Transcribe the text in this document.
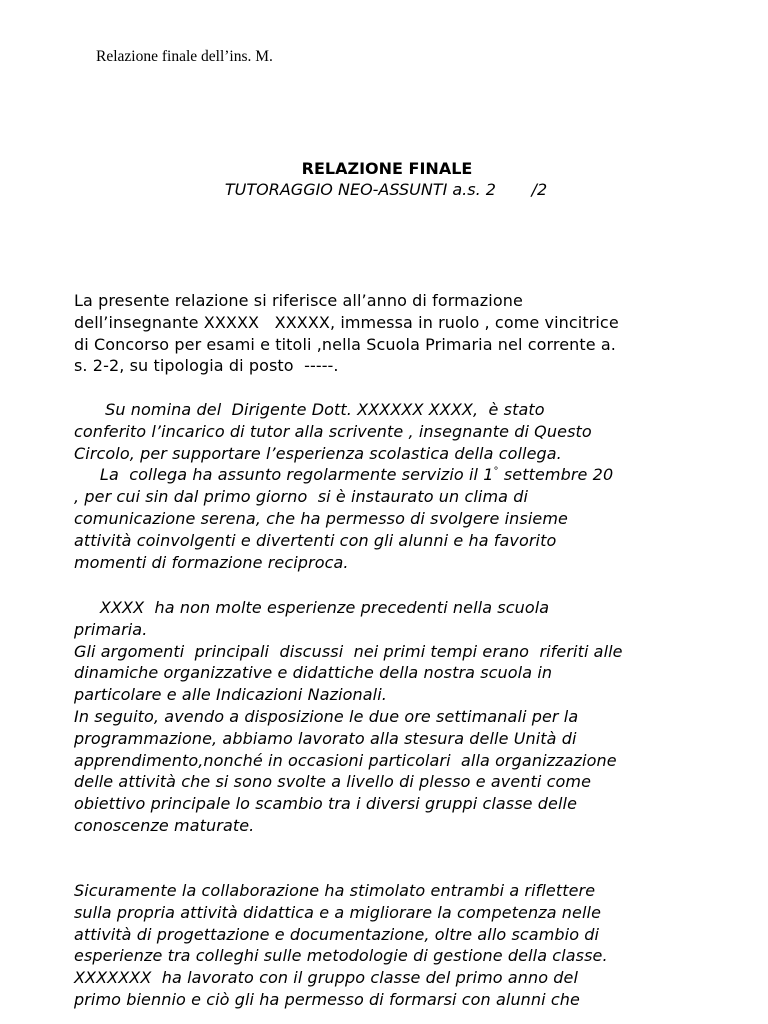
Relazione finale dell’ins. M.
RELAZIONE FINALE
TUTORAGGIO NEO-ASSUNTI a.s. 2       /2
La presente relazione si riferisce all’anno di formazione
dell’insegnante XXXXX   XXXXX, immessa in ruolo , come vincitrice
di Concorso per esami e titoli ,nella Scuola Primaria nel corrente a.
s. 2-2, su tipologia di posto  -----.
Su nomina del  Dirigente Dott. XXXXXX XXXX,  è stato
conferito l’incarico di tutor alla scrivente , insegnante di Questo
Circolo, per supportare l’esperienza scolastica della collega.
La  collega ha assunto regolarmente servizio il 1° settembre 20
, per cui sin dal primo giorno  si è instaurato un clima di
comunicazione serena, che ha permesso di svolgere insieme
attività coinvolgenti e divertenti con gli alunni e ha favorito
momenti di formazione reciproca.
XXXX  ha non molte esperienze precedenti nella scuola
primaria.
Gli argomenti  principali  discussi  nei primi tempi erano  riferiti alle
dinamiche organizzative e didattiche della nostra scuola in
particolare e alle Indicazioni Nazionali.
In seguito, avendo a disposizione le due ore settimanali per la
programmazione, abbiamo lavorato alla stesura delle Unità di
apprendimento,nonché in occasioni particolari  alla organizzazione
delle attività che si sono svolte a livello di plesso e aventi come
obiettivo principale lo scambio tra i diversi gruppi classe delle
conoscenze maturate.
Sicuramente la collaborazione ha stimolato entrambi a riflettere
sulla propria attività didattica e a migliorare la competenza nelle
attività di progettazione e documentazione, oltre allo scambio di
esperienze tra colleghi sulle metodologie di gestione della classe.
XXXXXXX  ha lavorato con il gruppo classe del primo anno del
primo biennio e ciò gli ha permesso di formarsi con alunni che
